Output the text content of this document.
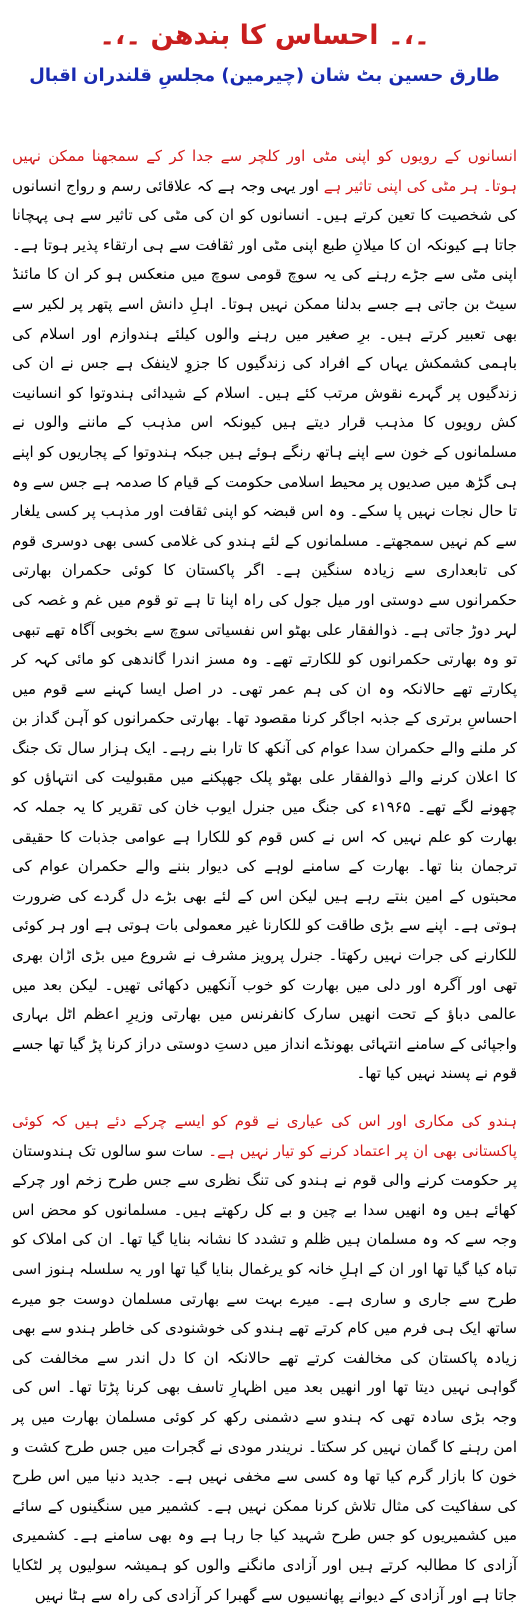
۔،۔ احساس کا بندھن ۔،۔
طارق حسین بٹ شان (چیرمین) مجلسِ قلندران اقبال

انسانوں کے رویوں کو اپنی مٹی اور کلچر سے جدا کر کے سمجھنا ممکن نہیں ہوتا۔ ہر مٹی کی اپنی تاثیر ہے اور یہی وجہ ہے کہ علاقائی رسم و رواج انسانوں کی شخصیت کا تعین کرتے ہیں۔ انسانوں کو ان کی مٹی کی تاثیر سے ہی پہچانا جاتا ہے کیونکہ ان کا میلانِ طبع اپنی مٹی اور ثقافت سے ہی ارتقاء پذیر ہوتا ہے۔ اپنی مٹی سے جڑے رہنے کی یہ سوچ قومی سوچ میں منعکس ہو کر ان کا مائنڈ سیٹ بن جاتی ہے جسے بدلنا ممکن نہیں ہوتا۔ اہلِ دانش اسے پتھر پر لکیر سے بھی تعبیر کرتے ہیں۔ برِ صغیر میں رہنے والوں کیلئے ہندوازم اور اسلام کی باہمی کشمکش یہاں کے افراد کی زندگیوں کا جزوِ لاینفک ہے جس نے ان کی زندگیوں پر گہرے نقوش مرتب کئے ہیں۔ اسلام کے شیدائی ہندوتوا کو انسانیت کش رویوں کا مذہب قرار دیتے ہیں کیونکہ اس مذہب کے ماننے والوں نے مسلمانوں کے خون سے اپنے ہاتھ رنگے ہوئے ہیں جبکہ ہندوتوا کے پجاریوں کو اپنے ہی گڑھ میں صدیوں پر محیط اسلامی حکومت کے قیام کا صدمہ ہے جس سے وہ تا حال نجات نہیں پا سکے۔ وہ اس قبضہ کو اپنی ثقافت اور مذہب پر کسی یلغار سے کم نہیں سمجھتے۔ مسلمانوں کے لئے ہندو کی غلامی کسی بھی دوسری قوم کی تابعداری سے زیادہ سنگین ہے۔ اگر پاکستان کا کوئی حکمران بھارتی حکمرانوں سے دوستی اور میل جول کی راہ اپنا تا ہے تو قوم میں غم و غصہ کی لہر دوڑ جاتی ہے۔ ذوالفقار علی بھٹو اس نفسیاتی سوچ سے بخوبی آگاہ تھے تبھی تو وہ بھارتی حکمرانوں کو للکارتے تھے۔ وہ مسز اندرا گاندھی کو مائی کہہ کر پکارتے تھے حالانکہ وہ ان کی ہم عمر تھی۔ در اصل ایسا کہنے سے قوم میں احساسِ برتری کے جذبہ اجاگر کرنا مقصود تھا۔ بھارتی حکمرانوں کو آہن گداز بن کر ملنے والے حکمران سدا عوام کی آنکھ کا تارا بنے رہے۔ ایک ہزار سال تک جنگ کا اعلان کرنے والے ذوالفقار علی بھٹو پلک جھپکنے میں مقبولیت کی انتہاؤں کو چھونے لگے تھے۔ ۱۹۶۵ء کی جنگ میں جنرل ایوب خان کی تقریر کا یہ جملہ کہ بھارت کو علم نہیں کہ اس نے کس قوم کو للکارا ہے عوامی جذبات کا حقیقی ترجمان بنا تھا۔ بھارت کے سامنے لوہے کی دیوار بننے والے حکمران عوام کی محبتوں کے امین بنتے رہے ہیں لیکن اس کے لئے بھی بڑے دل گردے کی ضرورت ہوتی ہے۔ اپنے سے بڑی طاقت کو للکارنا غیر معمولی بات ہوتی ہے اور ہر کوئی للکارنے کی جرات نہیں رکھتا۔ جنرل پرویز مشرف نے شروع میں بڑی اڑان بھری تھی اور آگرہ اور دلی میں بھارت کو خوب آنکھیں دکھائی تھیں۔ لیکن بعد میں عالمی دباؤ کے تحت انھیں سارک کانفرنس میں بھارتی وزیرِ اعظم اٹل بہاری واجپائی کے سامنے انتہائی بھونڈے انداز میں دستِ دوستی دراز کرنا پڑ گیا تھا جسے قوم نے پسند نہیں کیا تھا۔

ہندو کی مکاری اور اس کی عیاری نے قوم کو ایسے چرکے دئے ہیں کہ کوئی پاکستانی بھی ان پر اعتماد کرنے کو تیار نہیں ہے۔ سات سو سالوں تک ہندوستان پر حکومت کرنے والی قوم نے ہندو کی تنگ نظری سے جس طرح زخم اور چرکے کھائے ہیں وہ انھیں سدا بے چین و بے کل رکھتے ہیں۔ مسلمانوں کو محض اس وجہ سے کہ وہ مسلمان ہیں ظلم و تشدد کا نشانہ بنایا گیا تھا۔ ان کی املاک کو تباہ کیا گیا تھا اور ان کے اہلِ خانہ کو یرغمال بنایا گیا تھا اور یہ سلسلہ ہنوز اسی طرح سے جاری و ساری ہے۔ میرے بہت سے بھارتی مسلمان دوست جو میرے ساتھ ایک ہی فرم میں کام کرتے تھے ہندو کی خوشنودی کی خاطر ہندو سے بھی زیادہ پاکستان کی مخالفت کرتے تھے حالانکہ ان کا دل اندر سے مخالفت کی گواہی نہیں دیتا تھا اور انھیں بعد میں اظہارِ تاسف بھی کرنا پڑتا تھا۔ اس کی وجہ بڑی سادہ تھی کہ ہندو سے دشمنی رکھ کر کوئی مسلمان بھارت میں پر امن رہنے کا گمان نہیں کر سکتا۔ نریندر مودی نے گجرات میں جس طرح کشت و خون کا بازار گرم کیا تھا وہ کسی سے مخفی نہیں ہے۔ جدید دنیا میں اس طرح کی سفاکیت کی مثال تلاش کرنا ممکن نہیں ہے۔ کشمیر میں سنگینوں کے سائے میں کشمیریوں کو جس طرح شہید کیا جا رہا ہے وہ بھی سامنے ہے۔ کشمیری آزادی کا مطالبہ کرتے ہیں اور آزادی مانگنے والوں کو ہمیشہ سولیوں پر لٹکایا جاتا ہے اور آزادی کے دیوانے پھانسیوں سے گھبرا کر آزادی کی راہ سے ہٹا نہیں
